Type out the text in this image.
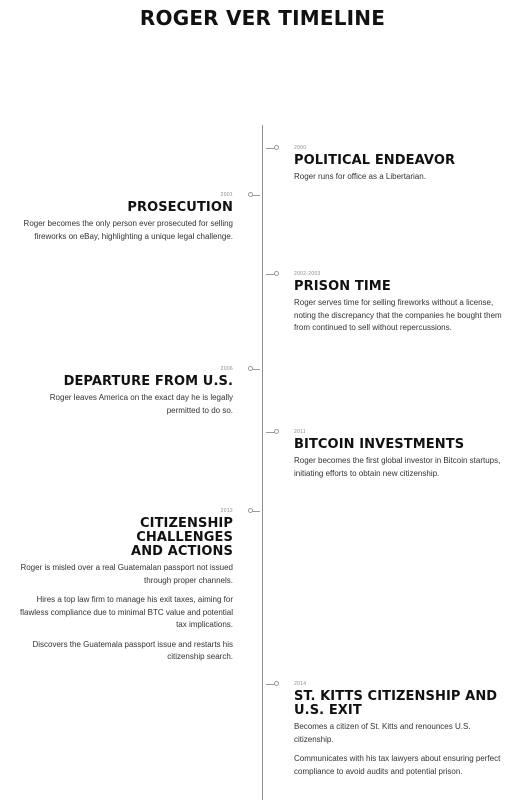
ROGER VER TIMELINE
2000
POLITICAL ENDEAVOR

Roger runs for office as a Libertarian.

2001
PROSECUTION

Roger becomes the only person ever prosecuted for selling fireworks on eBay, highlighting a unique legal challenge.

2002-2003
PRISON TIME

Roger serves time for selling fireworks without a license, noting the discrepancy that the companies he bought them from continued to sell without repercussions.

2006
DEPARTURE FROM U.S.

Roger leaves America on the exact day he is legally permitted to do so.

2011
BITCOIN INVESTMENTS

Roger becomes the first global investor in Bitcoin startups, initiating efforts to obtain new citizenship.

2012
CITIZENSHIP CHALLENGES AND ACTIONS

Roger is misled over a real Guatemalan passport not issued through proper channels.

Hires a top law firm to manage his exit taxes, aiming for flawless compliance due to minimal BTC value and potential tax implications.

Discovers the Guatemala passport issue and restarts his citizenship search.

2014
ST. KITTS CITIZENSHIP AND U.S. EXIT

Becomes a citizen of St. Kitts and renounces U.S. citizenship.

Communicates with his tax lawyers about ensuring perfect compliance to avoid audits and potential prison.
